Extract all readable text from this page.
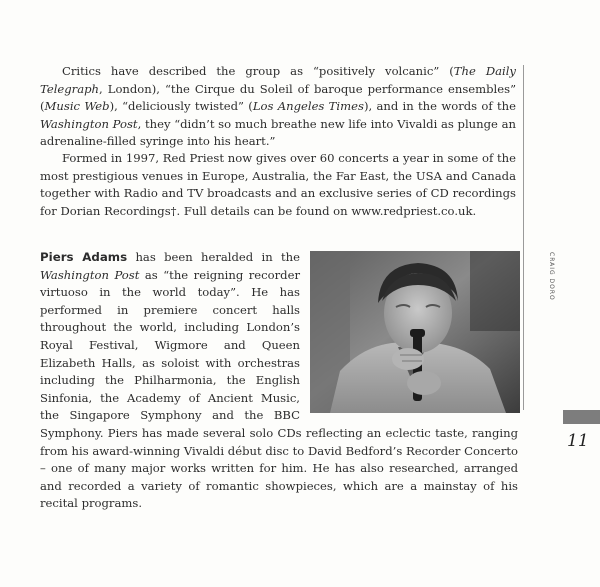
Critics have described the group as “positively volcanic” (The Daily Telegraph, London), “the Cirque du Soleil of baroque performance ensembles” (Music Web), “deliciously twisted” (Los Angeles Times), and in the words of the Washington Post, they “didn’t so much breathe new life into Vivaldi as plunge an adrenaline-filled syringe into his heart.”

Formed in 1997, Red Priest now gives over 60 concerts a year in some of the most prestigious venues in Europe, Australia, the Far East, the USA and Canada together with Radio and TV broadcasts and an exclusive series of CD recordings for Dorian Recordings†. Full details can be found on www.redpriest.co.uk.

Piers Adams has been heralded in the Washington Post as “the reigning recorder virtuoso in the world today”. He has performed in premiere concert halls throughout the world, including London’s Royal Festival, Wigmore and Queen Elizabeth Halls, as soloist with orchestras including the Philharmonia, the English Sinfonia, the Academy of Ancient Music, the Singapore Symphony and the BBC Symphony. Piers has made several solo CDs reflecting an eclectic taste, ranging from his award-winning Vivaldi début disc to David Bedford’s Recorder Concerto – one of many major works written for him. He has also researched, arranged and recorded a variety of romantic showpieces, which are a mainstay of his recital programs.

CRAIG DORO
11
